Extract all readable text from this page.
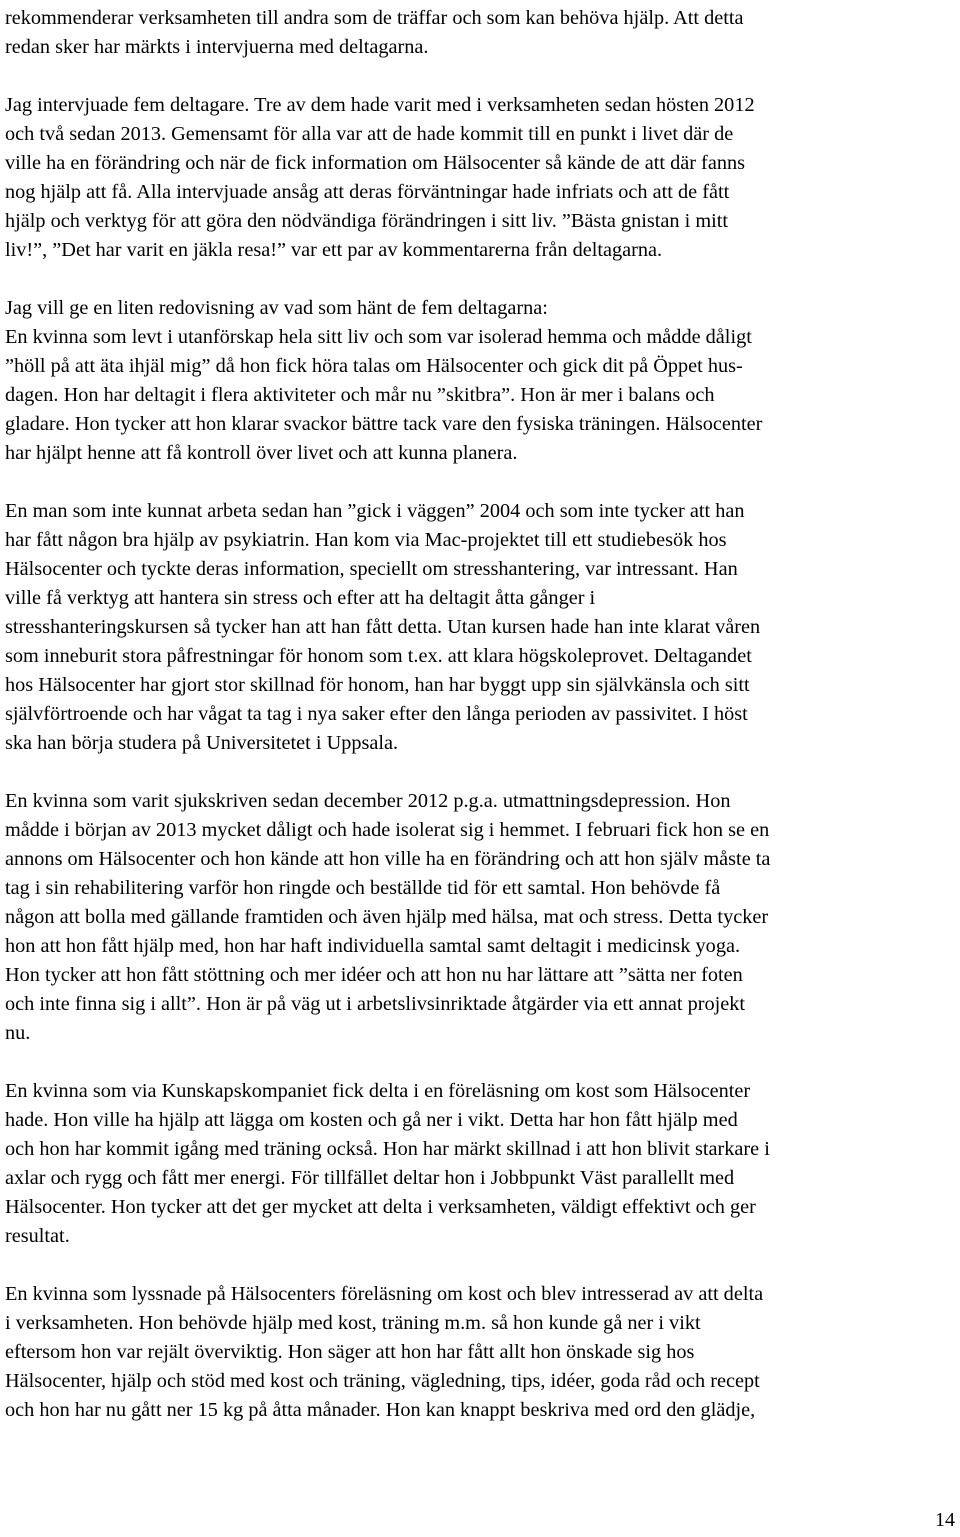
rekommenderar verksamheten till andra som de träffar och som kan behöva hjälp. Att detta
redan sker har märkts i intervjuerna med deltagarna.

Jag intervjuade fem deltagare. Tre av dem hade varit med i verksamheten sedan hösten 2012
och två sedan 2013. Gemensamt för alla var att de hade kommit till en punkt i livet där de
ville ha en förändring och när de fick information om Hälsocenter så kände de att där fanns
nog hjälp att få. Alla intervjuade ansåg att deras förväntningar hade infriats och att de fått
hjälp och verktyg för att göra den nödvändiga förändringen i sitt liv. ”Bästa gnistan i mitt
liv!”, ”Det har varit en jäkla resa!” var ett par av kommentarerna från deltagarna.

Jag vill ge en liten redovisning av vad som hänt de fem deltagarna:
En kvinna som levt i utanförskap hela sitt liv och som var isolerad hemma och mådde dåligt
”höll på att äta ihjäl mig” då hon fick höra talas om Hälsocenter och gick dit på Öppet hus-
dagen. Hon har deltagit i flera aktiviteter och mår nu ”skitbra”. Hon är mer i balans och
gladare. Hon tycker att hon klarar svackor bättre tack vare den fysiska träningen. Hälsocenter
har hjälpt henne att få kontroll över livet och att kunna planera.

En man som inte kunnat arbeta sedan han ”gick i väggen” 2004 och som inte tycker att han
har fått någon bra hjälp av psykiatrin. Han kom via Mac-projektet till ett studiebesök hos
Hälsocenter och tyckte deras information, speciellt om stresshantering, var intressant. Han
ville få verktyg att hantera sin stress och efter att ha deltagit åtta gånger i
stresshanteringskursen så tycker han att han fått detta. Utan kursen hade han inte klarat våren
som inneburit stora påfrestningar för honom som t.ex. att klara högskoleprovet. Deltagandet
hos Hälsocenter har gjort stor skillnad för honom, han har byggt upp sin självkänsla och sitt
självförtroende och har vågat ta tag i nya saker efter den långa perioden av passivitet. I höst
ska han börja studera på Universitetet i Uppsala.

En kvinna som varit sjukskriven sedan december 2012 p.g.a. utmattningsdepression. Hon
mådde i början av 2013 mycket dåligt och hade isolerat sig i hemmet. I februari fick hon se en
annons om Hälsocenter och hon kände att hon ville ha en förändring och att hon själv måste ta
tag i sin rehabilitering varför hon ringde och beställde tid för ett samtal. Hon behövde få
någon att bolla med gällande framtiden och även hjälp med hälsa, mat och stress. Detta tycker
hon att hon fått hjälp med, hon har haft individuella samtal samt deltagit i medicinsk yoga.
Hon tycker att hon fått stöttning och mer idéer och att hon nu har lättare att ”sätta ner foten
och inte finna sig i allt”. Hon är på väg ut i arbetslivsinriktade åtgärder via ett annat projekt
nu.

En kvinna som via Kunskapskompaniet fick delta i en föreläsning om kost som Hälsocenter
hade. Hon ville ha hjälp att lägga om kosten och gå ner i vikt. Detta har hon fått hjälp med
och hon har kommit igång med träning också. Hon har märkt skillnad i att hon blivit starkare i
axlar och rygg och fått mer energi. För tillfället deltar hon i Jobbpunkt Väst parallellt med
Hälsocenter. Hon tycker att det ger mycket att delta i verksamheten, väldigt effektivt och ger
resultat.

En kvinna som lyssnade på Hälsocenters föreläsning om kost och blev intresserad av att delta
i verksamheten. Hon behövde hjälp med kost, träning m.m. så hon kunde gå ner i vikt
eftersom hon var rejält överviktig. Hon säger att hon har fått allt hon önskade sig hos
Hälsocenter, hjälp och stöd med kost och träning, vägledning, tips, idéer, goda råd och recept
och hon har nu gått ner 15 kg på åtta månader. Hon kan knappt beskriva med ord den glädje,

14
